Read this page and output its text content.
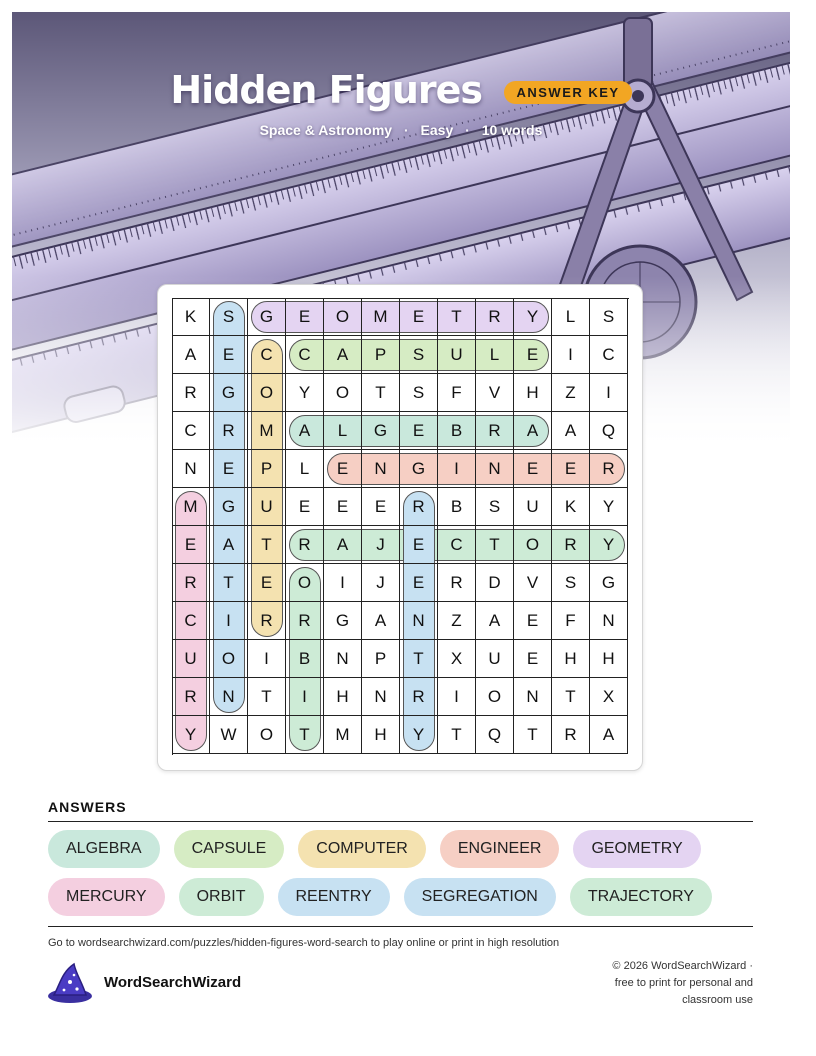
Hidden Figures	ANSWER KEY
Space & Astronomy · Easy · 10 words
K	S	G	E	O	M	E	T	R	Y	L	S
A	E	C	C	A	P	S	U	L	E	I	C
R	G	O	Y	O	T	S	F	V	H	Z	I
C	R	M	A	L	G	E	B	R	A	A	Q
N	E	P	L	E	N	G	I	N	E	E	R
M	G	U	E	E	E	R	B	S	U	K	Y
E	A	T	R	A	J	E	C	T	O	R	Y
R	T	E	O	I	J	E	R	D	V	S	G
C	I	R	R	G	A	N	Z	A	E	F	N
U	O	I	B	N	P	T	X	U	E	H	H
R	N	T	I	H	N	R	I	O	N	T	X
Y	W	O	T	M	H	Y	T	Q	T	R	A
ANSWERS
ALGEBRA	CAPSULE	COMPUTER	ENGINEER	GEOMETRY
MERCURY	ORBIT	REENTRY	SEGREGATION	TRAJECTORY
Go to wordsearchwizard.com/puzzles/hidden-figures-word-search to play online or print in high resolution
WordSearchWizard
© 2026 WordSearchWizard ·
free to print for personal and
classroom use
